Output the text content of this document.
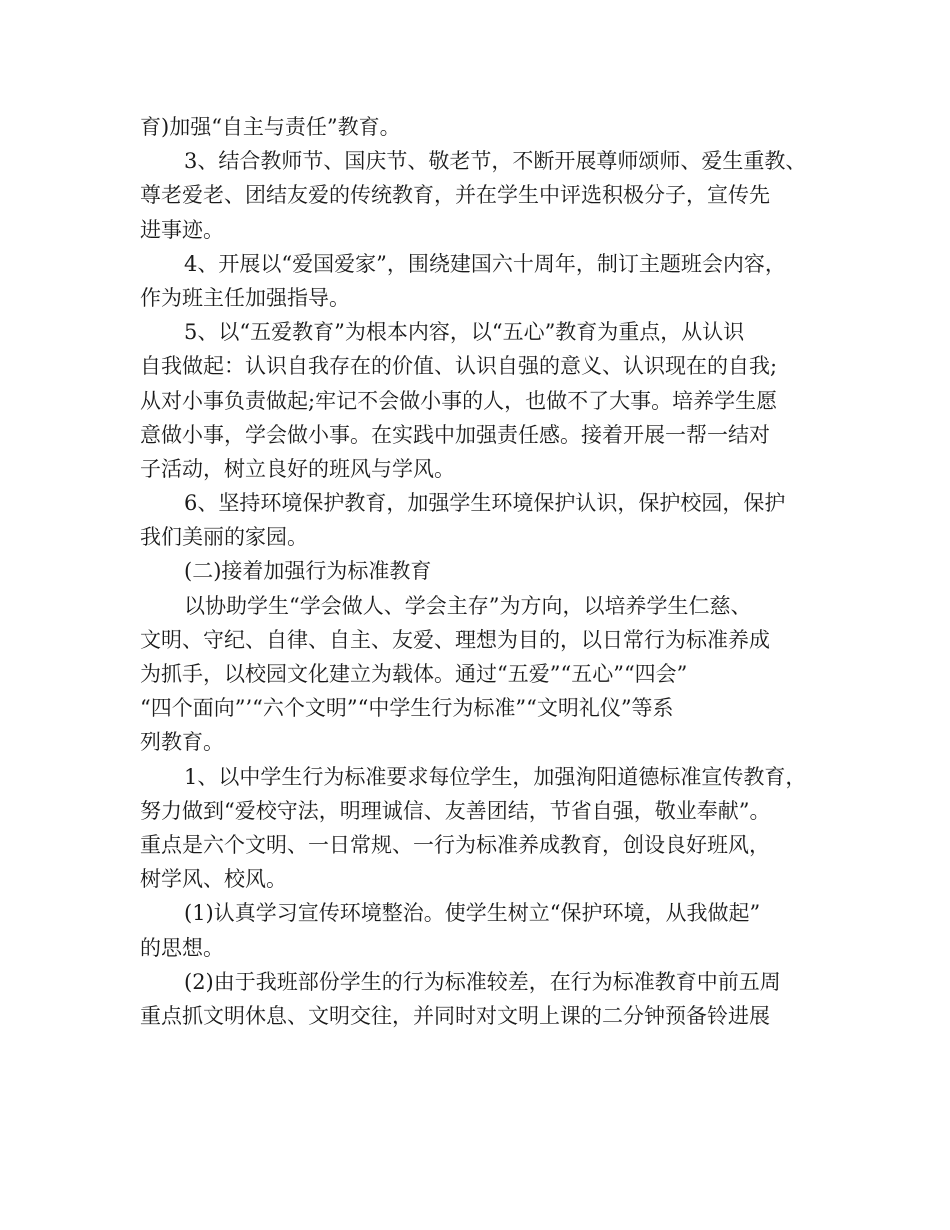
育)加强“自主与责任”教育。
3、结合教师节、国庆节、敬老节，不断开展尊师颂师、爱生重教、
尊老爱老、团结友爱的传统教育，并在学生中评选积极分子，宣传先
进事迹。
4、开展以“爱国爱家”，围绕建国六十周年，制订主题班会内容，
作为班主任加强指导。
5、以“五爱教育”为根本内容，以“五心”教育为重点，从认识
自我做起：认识自我存在的价值、认识自强的意义、认识现在的自我;
从对小事负责做起;牢记不会做小事的人，也做不了大事。培养学生愿
意做小事，学会做小事。在实践中加强责任感。接着开展一帮一结对
子活动，树立良好的班风与学风。
6、坚持环境保护教育，加强学生环境保护认识，保护校园，保护
我们美丽的家园。
(二)接着加强行为标准教育
以协助学生“学会做人、学会主存”为方向，以培养学生仁慈、
文明、守纪、自律、自主、友爱、理想为目的，以日常行为标准养成
为抓手，以校园文化建立为载体。通过“五爱”“五心”“四会”
“四个面向”’“六个文明”“中学生行为标准”“文明礼仪”等系
列教育。
1、以中学生行为标准要求每位学生，加强洵阳道德标准宣传教育，
努力做到“爱校守法，明理诚信、友善团结，节省自强，敬业奉献”。
重点是六个文明、一日常规、一行为标准养成教育，创设良好班风，
树学风、校风。
(1)认真学习宣传环境整治。使学生树立“保护环境，从我做起”
的思想。
(2)由于我班部份学生的行为标准较差，在行为标准教育中前五周
重点抓文明休息、文明交往，并同时对文明上课的二分钟预备铃进展
